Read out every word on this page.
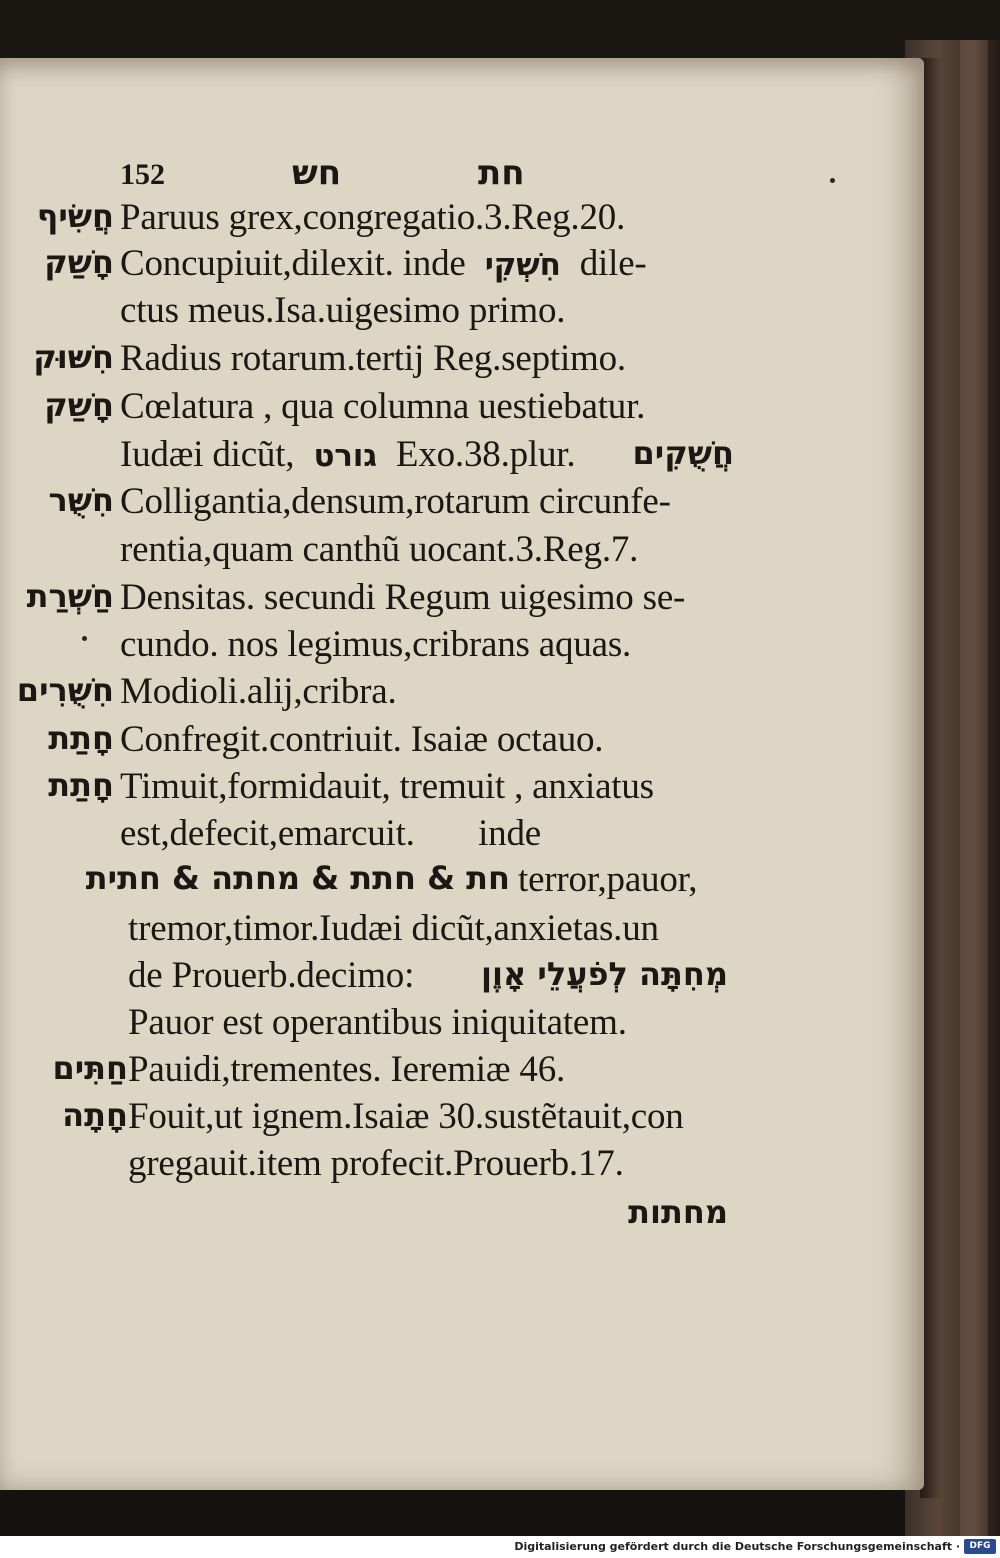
152	חש	חת
חֲשִׂיף Paruus grex,congregatio.3.Reg.20.
חָשַׁק Concupiuit,dilexit. inde חִשְׁקִי dile-
ctus meus.Isa.uigesimo primo.
חִשּׁוּק Radius rotarum.tertij Reg.septimo.
חָשַׁק Cœlatura , qua columna uestiebatur.
Iudæi dicũt, גורט Exo.38.plur. חֲשֻׁקִים
חִשֻּׁר Colligantia,densum,rotarum circunfe-
rentia,quam canthũ uocant.3.Reg.7.
חַשְׁרַת Densitas. secundi Regum uigesimo se-
cundo. nos legimus,cribrans aquas.
חִשֻּׁרִים Modioli.alij,cribra.
חָתַת Confregit.contriuit. Isaiæ octauo.
חָתַת Timuit,formidauit, tremuit , anxiatus
est,defecit,emarcuit.       inde
חת & חתת & מחתה & חתית terror,pauor,
tremor,timor.Iudæi dicũt,anxietas.un
de Prouerb.decimo: מְחִתָּה לְפֹעֲלֵי אָוֶן
Pauor est operantibus iniquitatem.
חַתִּים Pauidi,trementes. Ieremiæ 46.
חָתָה Fouit,ut ignem.Isaiæ 30.sustẽtauit,con
gregauit.item profecit.Prouerb.17.
מחתות
Digitalisierung gefördert durch die Deutsche Forschungsgemeinschaft ·	DFG
